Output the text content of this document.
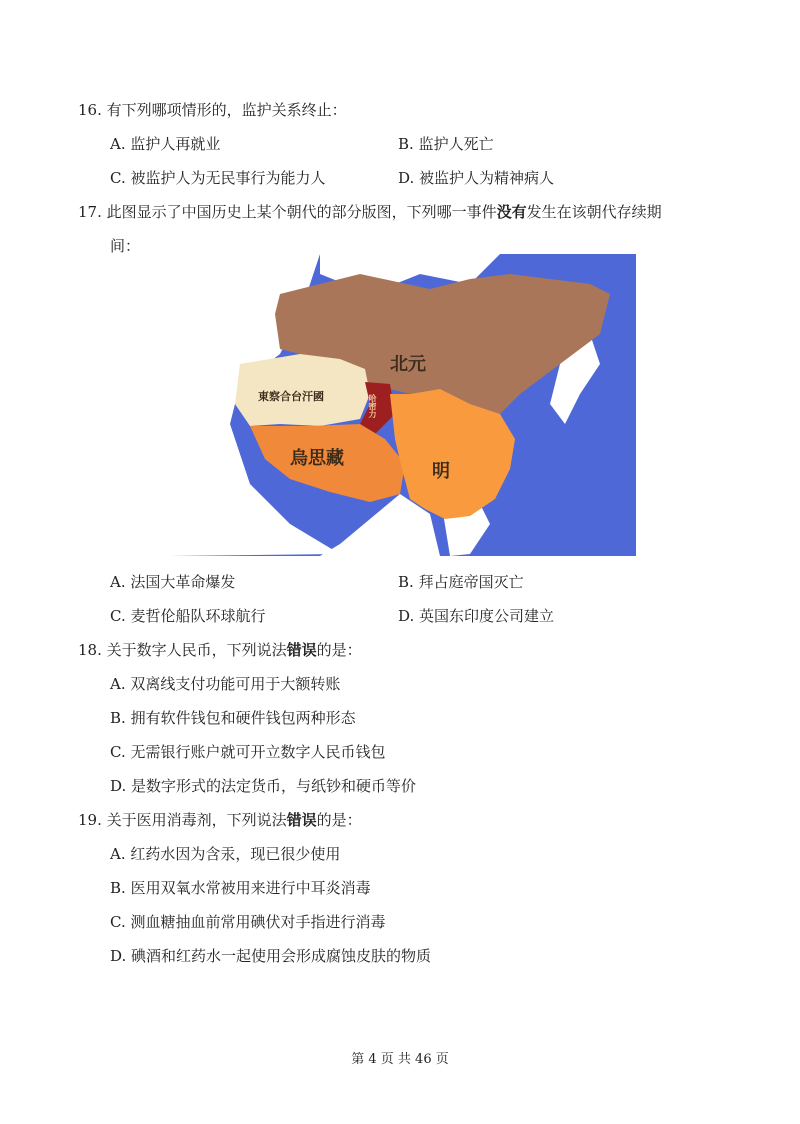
16. 有下列哪项情形的，监护关系终止：
A. 监护人再就业	B. 监护人死亡
C. 被监护人为无民事行为能力人	D. 被监护人为精神病人
17. 此图显示了中国历史上某个朝代的部分版图，下列哪一事件没有发生在该朝代存续期
间：
北元
東察合台汗國	哈密力
烏思藏
明
A. 法国大革命爆发	B. 拜占庭帝国灭亡
C. 麦哲伦船队环球航行	D. 英国东印度公司建立
18. 关于数字人民币，下列说法错误的是：
A. 双离线支付功能可用于大额转账
B. 拥有软件钱包和硬件钱包两种形态
C. 无需银行账户就可开立数字人民币钱包
D. 是数字形式的法定货币，与纸钞和硬币等价
19. 关于医用消毒剂，下列说法错误的是：
A. 红药水因为含汞，现已很少使用
B. 医用双氧水常被用来进行中耳炎消毒
C. 测血糖抽血前常用碘伏对手指进行消毒
D. 碘酒和红药水一起使用会形成腐蚀皮肤的物质
第 4 页 共 46 页
